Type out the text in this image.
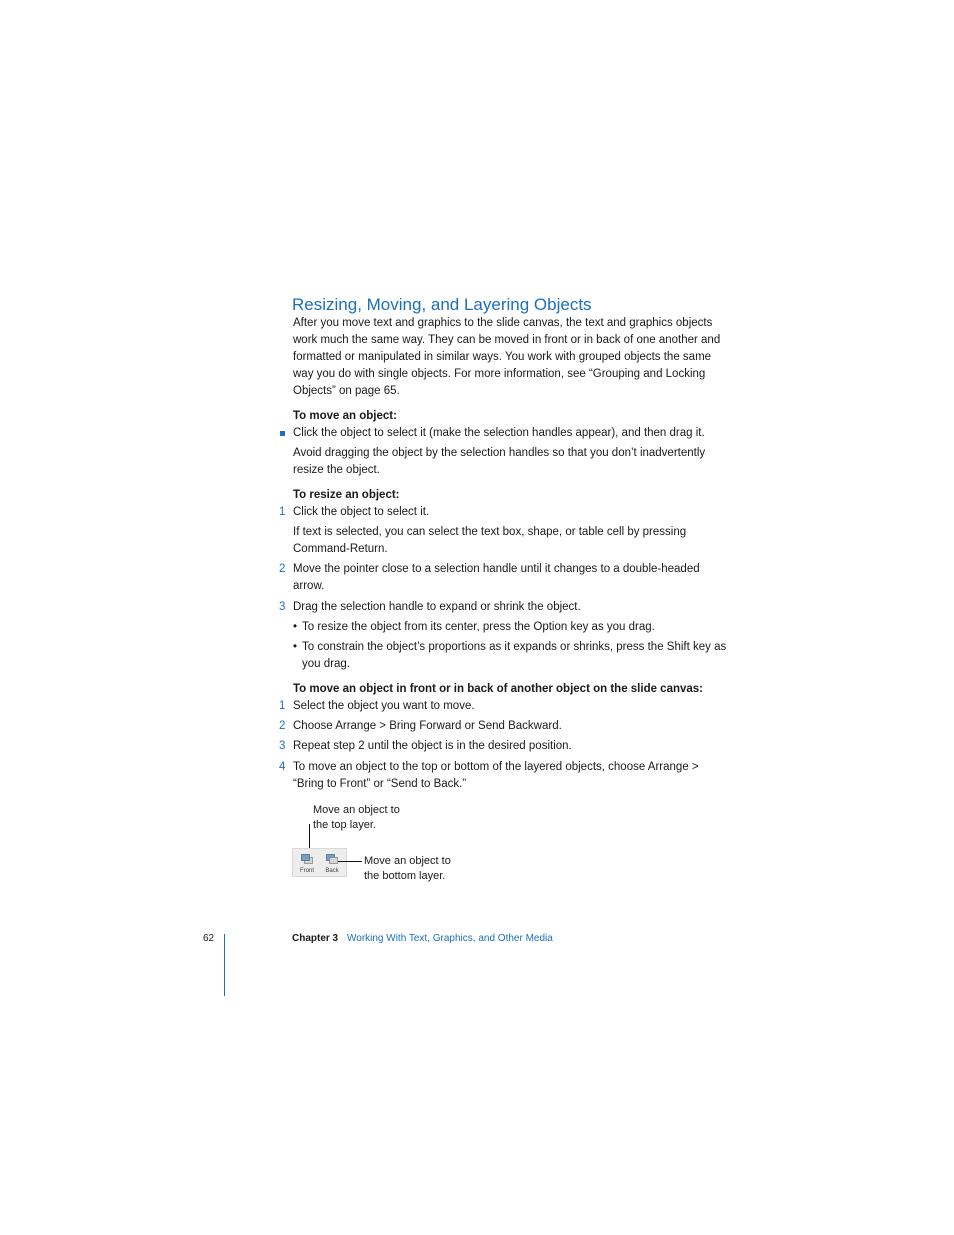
Resizing, Moving, and Layering Objects
After you move text and graphics to the slide canvas, the text and graphics objects
work much the same way. They can be moved in front or in back of one another and
formatted or manipulated in similar ways. You work with grouped objects the same
way you do with single objects. For more information, see “Grouping and Locking
Objects” on page 65.
To move an object:
Click the object to select it (make the selection handles appear), and then drag it.
Avoid dragging the object by the selection handles so that you don’t inadvertently
resize the object.
To resize an object:
1 Click the object to select it.
If text is selected, you can select the text box, shape, or table cell by pressing
Command-Return.
2 Move the pointer close to a selection handle until it changes to a double-headed
arrow.
3 Drag the selection handle to expand or shrink the object.
• To resize the object from its center, press the Option key as you drag.
• To constrain the object’s proportions as it expands or shrinks, press the Shift key as
you drag.
To move an object in front or in back of another object on the slide canvas:
1 Select the object you want to move.
2 Choose Arrange > Bring Forward or Send Backward.
3 Repeat step 2 until the object is in the desired position.
4 To move an object to the top or bottom of the layered objects, choose Arrange >
“Bring to Front” or “Send to Back.”
Move an object to
the top layer.
Front	Back
Move an object to
the bottom layer.
62	Chapter 3 Working With Text, Graphics, and Other Media
